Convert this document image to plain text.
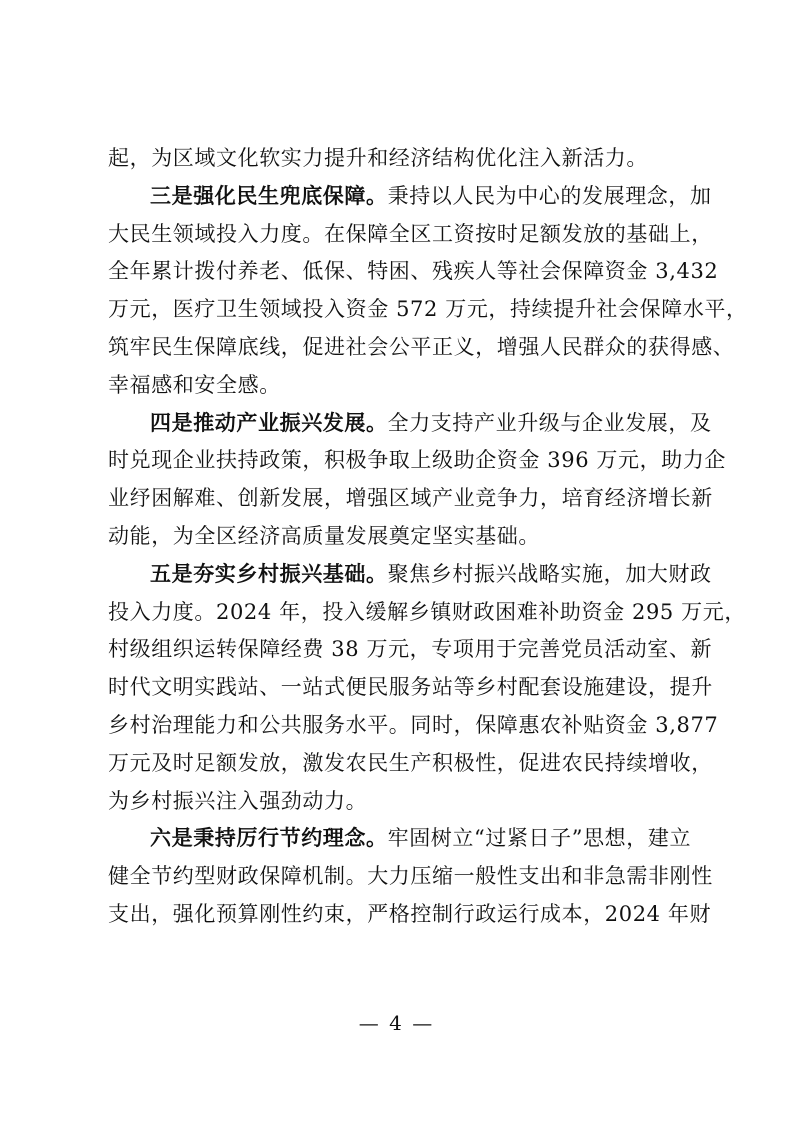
起，为区域文化软实力提升和经济结构优化注入新活力。
三是强化民生兜底保障。秉持以人民为中心的发展理念，加
大民生领域投入力度。在保障全区工资按时足额发放的基础上，
全年累计拨付养老、低保、特困、残疾人等社会保障资金 3,432
万元，医疗卫生领域投入资金 572 万元，持续提升社会保障水平，
筑牢民生保障底线，促进社会公平正义，增强人民群众的获得感、
幸福感和安全感。
四是推动产业振兴发展。全力支持产业升级与企业发展，及
时兑现企业扶持政策，积极争取上级助企资金 396 万元，助力企
业纾困解难、创新发展，增强区域产业竞争力，培育经济增长新
动能，为全区经济高质量发展奠定坚实基础。
五是夯实乡村振兴基础。聚焦乡村振兴战略实施，加大财政
投入力度。2024 年，投入缓解乡镇财政困难补助资金 295 万元，
村级组织运转保障经费 38 万元，专项用于完善党员活动室、新
时代文明实践站、一站式便民服务站等乡村配套设施建设，提升
乡村治理能力和公共服务水平。同时，保障惠农补贴资金 3,877
万元及时足额发放，激发农民生产积极性，促进农民持续增收，
为乡村振兴注入强劲动力。
六是秉持厉行节约理念。牢固树立“过紧日子”思想，建立
健全节约型财政保障机制。大力压缩一般性支出和非急需非刚性
支出，强化预算刚性约束，严格控制行政运行成本，2024 年财
— 4 —
